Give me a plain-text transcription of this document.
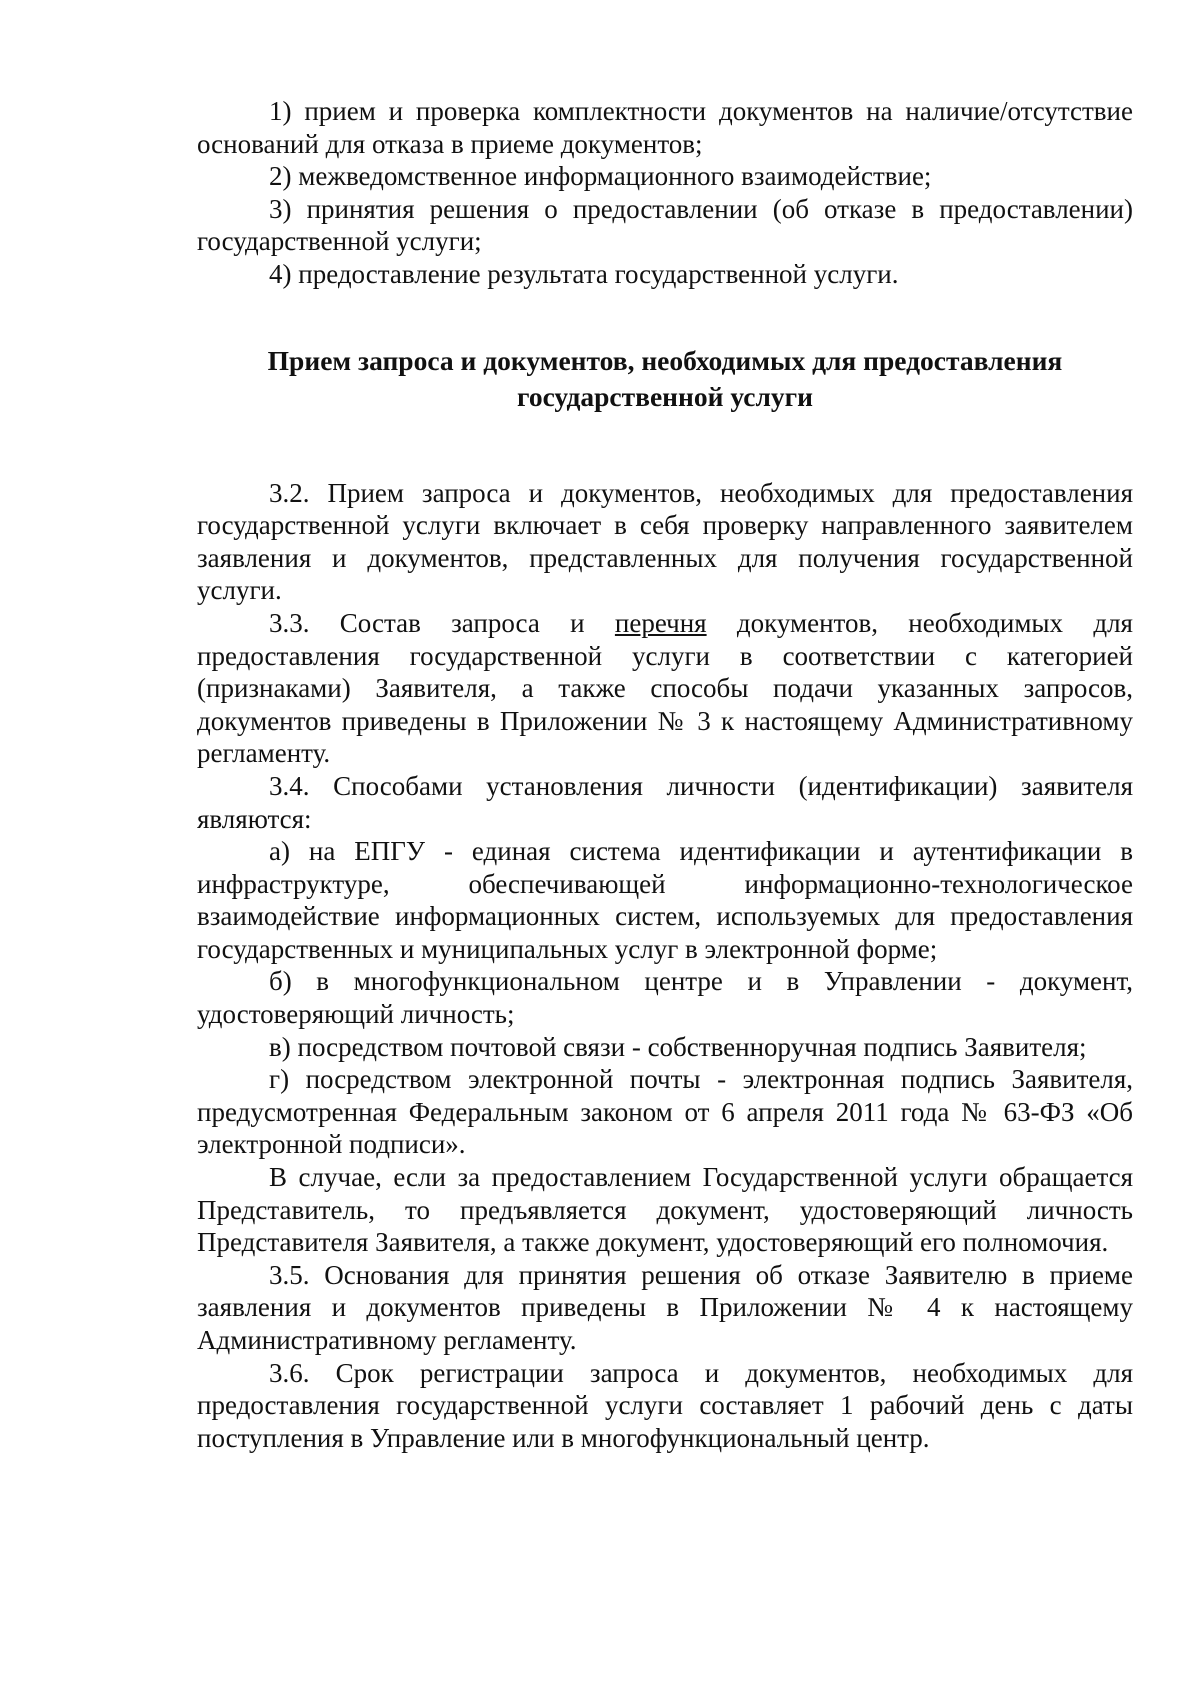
1) прием и проверка комплектности документов на наличие/отсутствие оснований для отказа в приеме документов;

2) межведомственное информационного взаимодействие;

3) принятия решения о предоставлении (об отказе в предоставлении) государственной услуги;

4) предоставление результата государственной услуги.

Прием запроса и документов, необходимых для предоставления государственной услуги

3.2. Прием запроса и документов, необходимых для предоставления государственной услуги включает в себя проверку направленного заявителем заявления и документов, представленных для получения государственной услуги.

3.3. Состав запроса и перечня документов, необходимых для предоставления государственной услуги в соответствии с категорией (признаками) Заявителя, а также способы подачи указанных запросов, документов приведены в Приложении № 3 к настоящему Административному регламенту.

3.4. Способами установления личности (идентификации) заявителя являются:

а) на ЕПГУ - единая система идентификации и аутентификации в инфраструктуре, обеспечивающей информационно-технологическое взаимодействие информационных систем, используемых для предоставления государственных и муниципальных услуг в электронной форме;

б) в многофункциональном центре и в Управлении - документ, удостоверяющий личность;

в) посредством почтовой связи - собственноручная подпись Заявителя;

г) посредством электронной почты - электронная подпись Заявителя, предусмотренная Федеральным законом от 6 апреля 2011 года № 63-ФЗ «Об электронной подписи».

В случае, если за предоставлением Государственной услуги обращается Представитель, то предъявляется документ, удостоверяющий личность Представителя Заявителя, а также документ, удостоверяющий его полномочия.

3.5. Основания для принятия решения об отказе Заявителю в приеме заявления и документов приведены в Приложении № 4 к настоящему Административному регламенту.

3.6. Срок регистрации запроса и документов, необходимых для предоставления государственной услуги составляет 1 рабочий день с даты поступления в Управление или в многофункциональный центр.
